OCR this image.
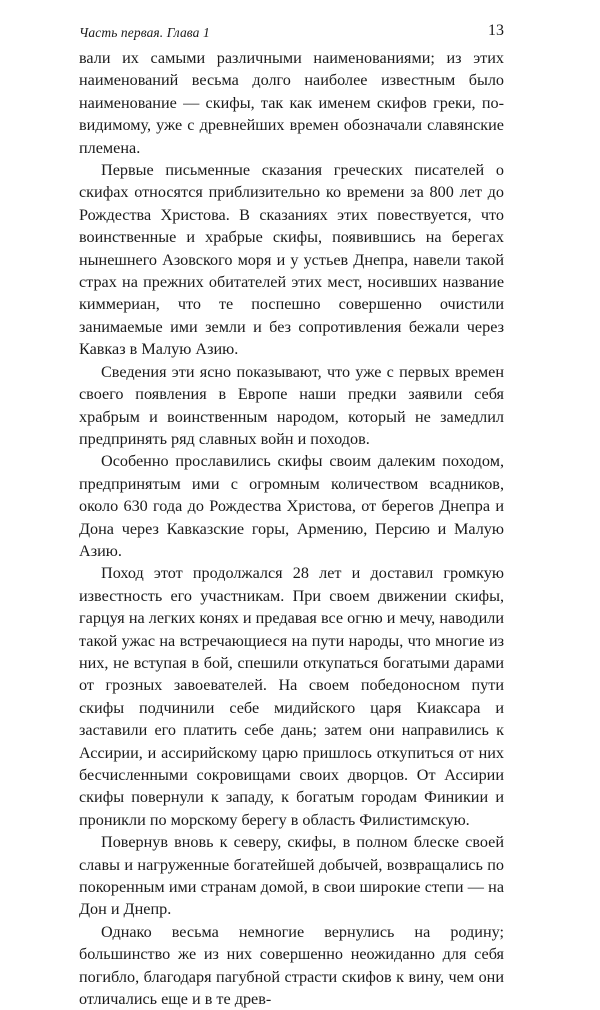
Часть первая. Глава 1	13

вали их самыми различными наименованиями; из этих наименований весьма долго наиболее известным было наименование — скифы, так как именем скифов греки, по-видимому, уже с древнейших времен обозначали славянские племена.

Первые письменные сказания греческих писателей о скифах относятся приблизительно ко времени за 800 лет до Рождества Христова. В сказаниях этих повествуется, что воинственные и храбрые скифы, появившись на берегах нынешнего Азовского моря и у устьев Днепра, навели такой страх на прежних обитателей этих мест, носивших название киммериан, что те поспешно совершенно очистили занимаемые ими земли и без сопротивления бежали через Кавказ в Малую Азию.

Сведения эти ясно показывают, что уже с первых времен своего появления в Европе наши предки заявили себя храбрым и воинственным народом, который не замедлил предпринять ряд славных войн и походов.

Особенно прославились скифы своим далеким походом, предпринятым ими с огромным количеством всадников, около 630 года до Рождества Христова, от берегов Днепра и Дона через Кавказские горы, Армению, Персию и Малую Азию.

Поход этот продолжался 28 лет и доставил громкую известность его участникам. При своем движении скифы, гарцуя на легких конях и предавая все огню и мечу, наводили такой ужас на встречающиеся на пути народы, что многие из них, не вступая в бой, спешили откупаться богатыми дарами от грозных завоевателей. На своем победоносном пути скифы подчинили себе мидийского царя Киаксара и заставили его платить себе дань; затем они направились к Ассирии, и ассирийскому царю пришлось откупиться от них бесчисленными сокровищами своих дворцов. От Ассирии скифы повернули к западу, к богатым городам Финикии и проникли по морскому берегу в область Филистимскую.

Повернув вновь к северу, скифы, в полном блеске своей славы и нагруженные богатейшей добычей, возвращались по покоренным ими странам домой, в свои широкие степи — на Дон и Днепр.

Однако весьма немногие вернулись на родину; большинство же из них совершенно неожиданно для себя погибло, благодаря пагубной страсти скифов к вину, чем они отличались еще и в те древ-
